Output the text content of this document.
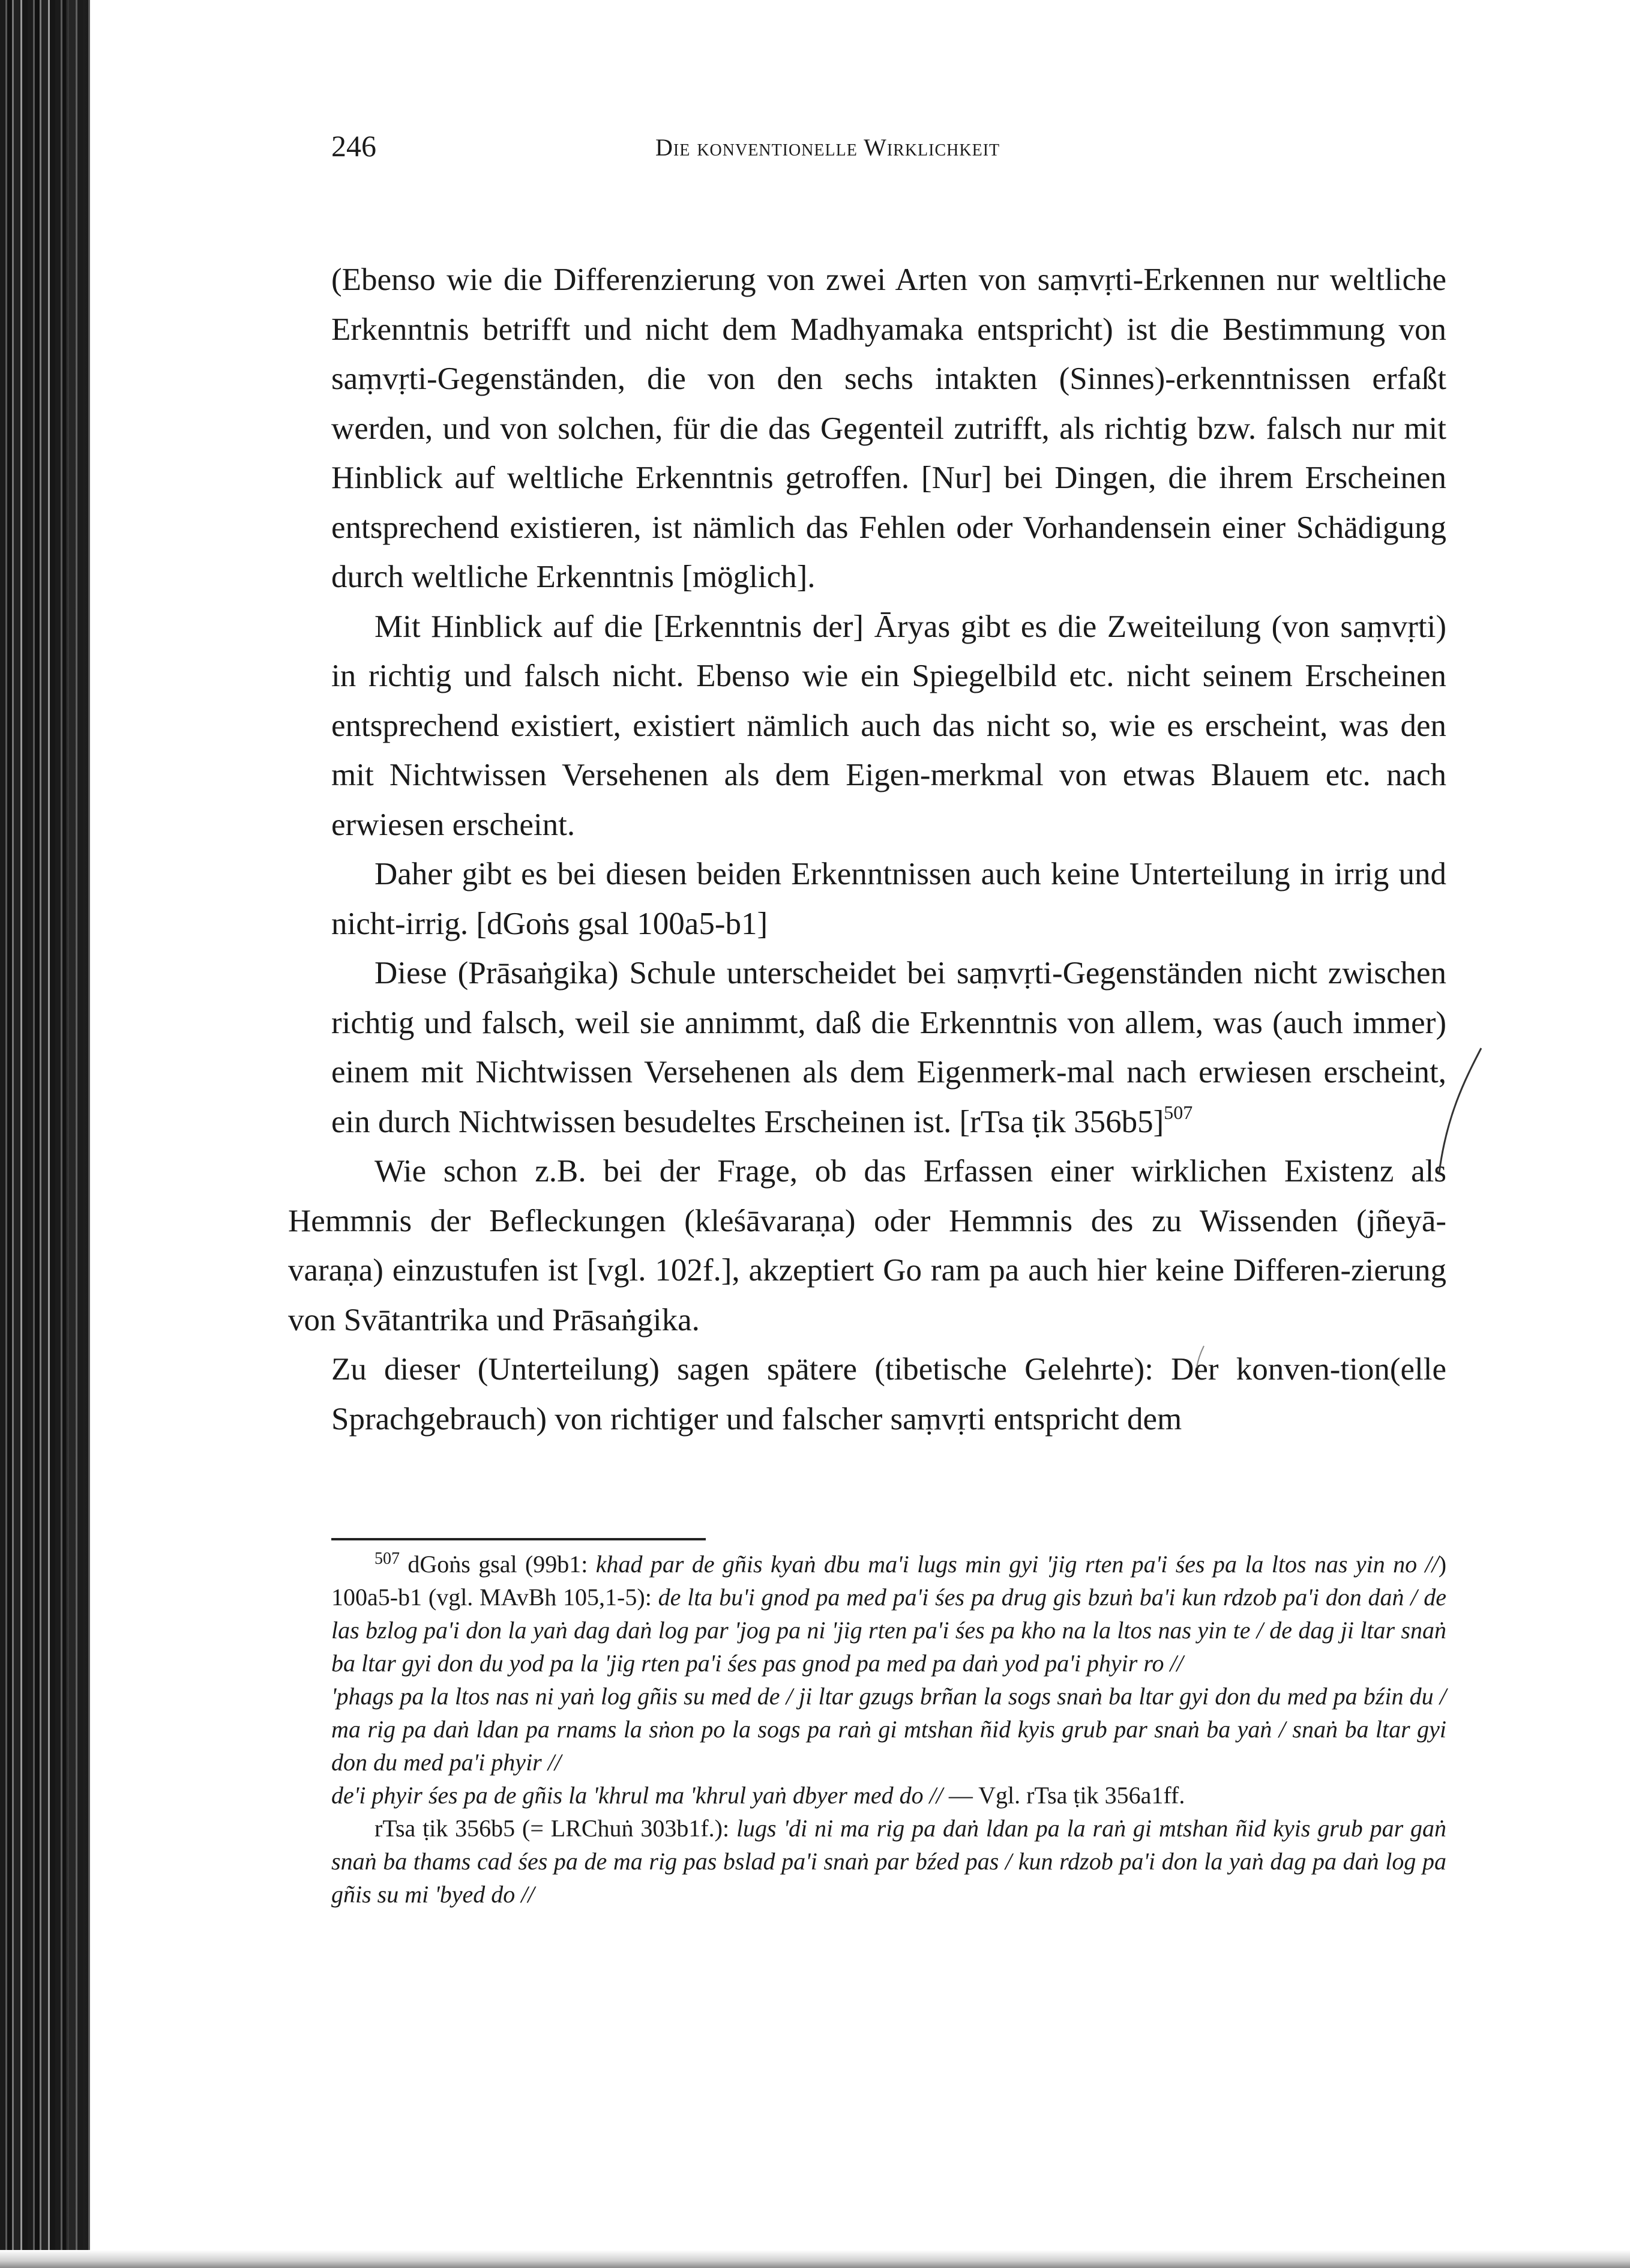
246	Die konventionelle Wirklichkeit

(Ebenso wie die Differenzierung von zwei Arten von saṃvṛti-Erkennen nur weltliche Erkenntnis betrifft und nicht dem Madhyamaka entspricht) ist die Bestimmung von saṃvṛti-Gegenständen, die von den sechs intakten (Sinnes)-erkenntnissen erfaßt werden, und von solchen, für die das Gegenteil zutrifft, als richtig bzw. falsch nur mit Hinblick auf weltliche Erkenntnis getroffen. [Nur] bei Dingen, die ihrem Erscheinen entsprechend existieren, ist nämlich das Fehlen oder Vorhandensein einer Schädigung durch weltliche Erkenntnis [möglich].

Mit Hinblick auf die [Erkenntnis der] Āryas gibt es die Zweiteilung (von saṃvṛti) in richtig und falsch nicht. Ebenso wie ein Spiegelbild etc. nicht seinem Erscheinen entsprechend existiert, existiert nämlich auch das nicht so, wie es erscheint, was den mit Nichtwissen Versehenen als dem Eigen-merkmal von etwas Blauem etc. nach erwiesen erscheint.

Daher gibt es bei diesen beiden Erkenntnissen auch keine Unterteilung in irrig und nicht-irrig. [dGoṅs gsal 100a5-b1]

Diese (Prāsaṅgika) Schule unterscheidet bei saṃvṛti-Gegenständen nicht zwischen richtig und falsch, weil sie annimmt, daß die Erkenntnis von allem, was (auch immer) einem mit Nichtwissen Versehenen als dem Eigenmerk-mal nach erwiesen erscheint, ein durch Nichtwissen besudeltes Erscheinen ist. [rTsa ṭik 356b5]$^{507}$

Wie schon z.B. bei der Frage, ob das Erfassen einer wirklichen Existenz als Hemmnis der Befleckungen (kleśāvaraṇa) oder Hemmnis des zu Wissenden (jñeyā-varaṇa) einzustufen ist [vgl. 102f.], akzeptiert Go ram pa auch hier keine Differen-zierung von Svātantrika und Prāsaṅgika.

Zu dieser (Unterteilung) sagen spätere (tibetische Gelehrte): Der konven-tion(elle Sprachgebrauch) von richtiger und falscher saṃvṛti entspricht dem

$^{507}$ dGoṅs gsal (99b1: khad par de gñis kyaṅ dbu ma'i lugs min gyi 'jig rten pa'i śes pa la ltos nas yin no //) 100a5-b1 (vgl. MAvBh 105,1-5): de lta bu'i gnod pa med pa'i śes pa drug gis bzuṅ ba'i kun rdzob pa'i don daṅ / de las bzlog pa'i don la yaṅ dag daṅ log par 'jog pa ni 'jig rten pa'i śes pa kho na la ltos nas yin te / de dag ji ltar snaṅ ba ltar gyi don du yod pa la 'jig rten pa'i śes pas gnod pa med pa daṅ yod pa'i phyir ro //

'phags pa la ltos nas ni yaṅ log gñis su med de / ji ltar gzugs brñan la sogs snaṅ ba ltar gyi don du med pa bźin du / ma rig pa daṅ ldan pa rnams la sṅon po la sogs pa raṅ gi mtshan ñid kyis grub par snaṅ ba yaṅ / snaṅ ba ltar gyi don du med pa'i phyir //

de'i phyir śes pa de gñis la 'khrul ma 'khrul yaṅ dbyer med do // — Vgl. rTsa ṭik 356a1ff.

rTsa ṭik 356b5 (= LRChuṅ 303b1f.): lugs 'di ni ma rig pa daṅ ldan pa la raṅ gi mtshan ñid kyis grub par gaṅ snaṅ ba thams cad śes pa de ma rig pas bslad pa'i snaṅ par bźed pas / kun rdzob pa'i don la yaṅ dag pa daṅ log pa gñis su mi 'byed do //
